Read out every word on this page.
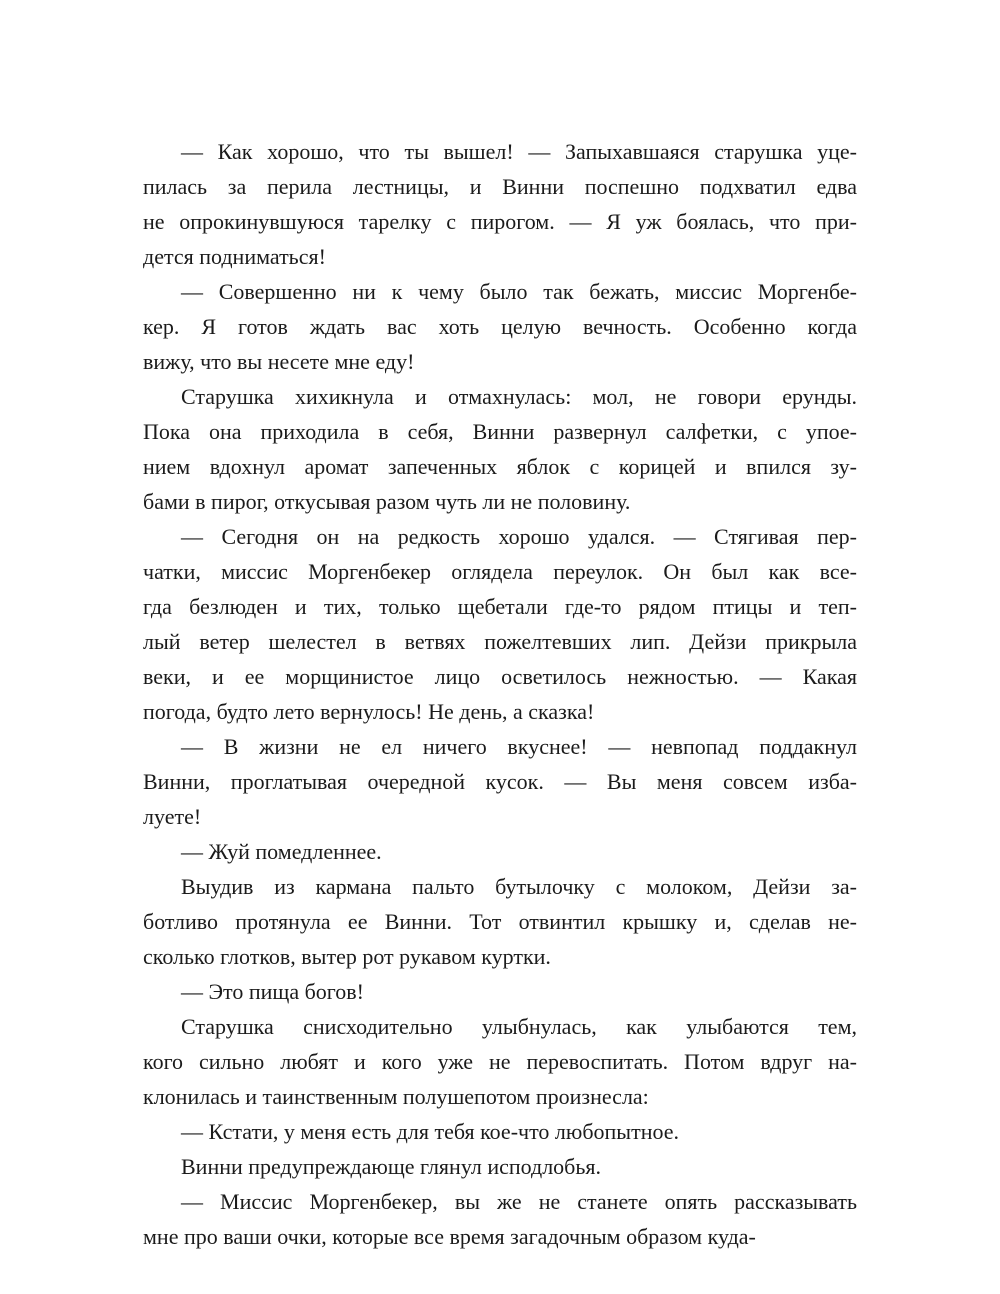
— Как хорошо, что ты вышел! — Запыхавшаяся старушка уце-
пилась за перила лестницы, и Винни поспешно подхватил едва
не опрокинувшуюся тарелку с пирогом. — Я уж боялась, что при-
дется подниматься!
— Совершенно ни к чему было так бежать, миссис Моргенбе-
кер. Я готов ждать вас хоть целую вечность. Особенно когда
вижу, что вы несете мне еду!
Старушка хихикнула и отмахнулась: мол, не говори ерунды.
Пока она приходила в себя, Винни развернул салфетки, с упое-
нием вдохнул аромат запеченных яблок с корицей и впился зу-
бами в пирог, откусывая разом чуть ли не половину.
— Сегодня он на редкость хорошо удался. — Стягивая пер-
чатки, миссис Моргенбекер оглядела переулок. Он был как все-
гда безлюден и тих, только щебетали где-то рядом птицы и теп-
лый ветер шелестел в ветвях пожелтевших лип. Дейзи прикрыла
веки, и ее морщинистое лицо осветилось нежностью. — Какая
погода, будто лето вернулось! Не день, а сказка!
— В жизни не ел ничего вкуснее! — невпопад поддакнул
Винни, проглатывая очередной кусок. — Вы меня совсем изба-
луете!
— Жуй помедленнее.
Выудив из кармана пальто бутылочку с молоком, Дейзи за-
ботливо протянула ее Винни. Тот отвинтил крышку и, сделав не-
сколько глотков, вытер рот рукавом куртки.
— Это пища богов!
Старушка снисходительно улыбнулась, как улыбаются тем,
кого сильно любят и кого уже не перевоспитать. Потом вдруг на-
клонилась и таинственным полушепотом произнесла:
— Кстати, у меня есть для тебя кое-что любопытное.
Винни предупреждающе глянул исподлобья.
— Миссис Моргенбекер, вы же не станете опять рассказывать
мне про ваши очки, которые все время загадочным образом куда-
